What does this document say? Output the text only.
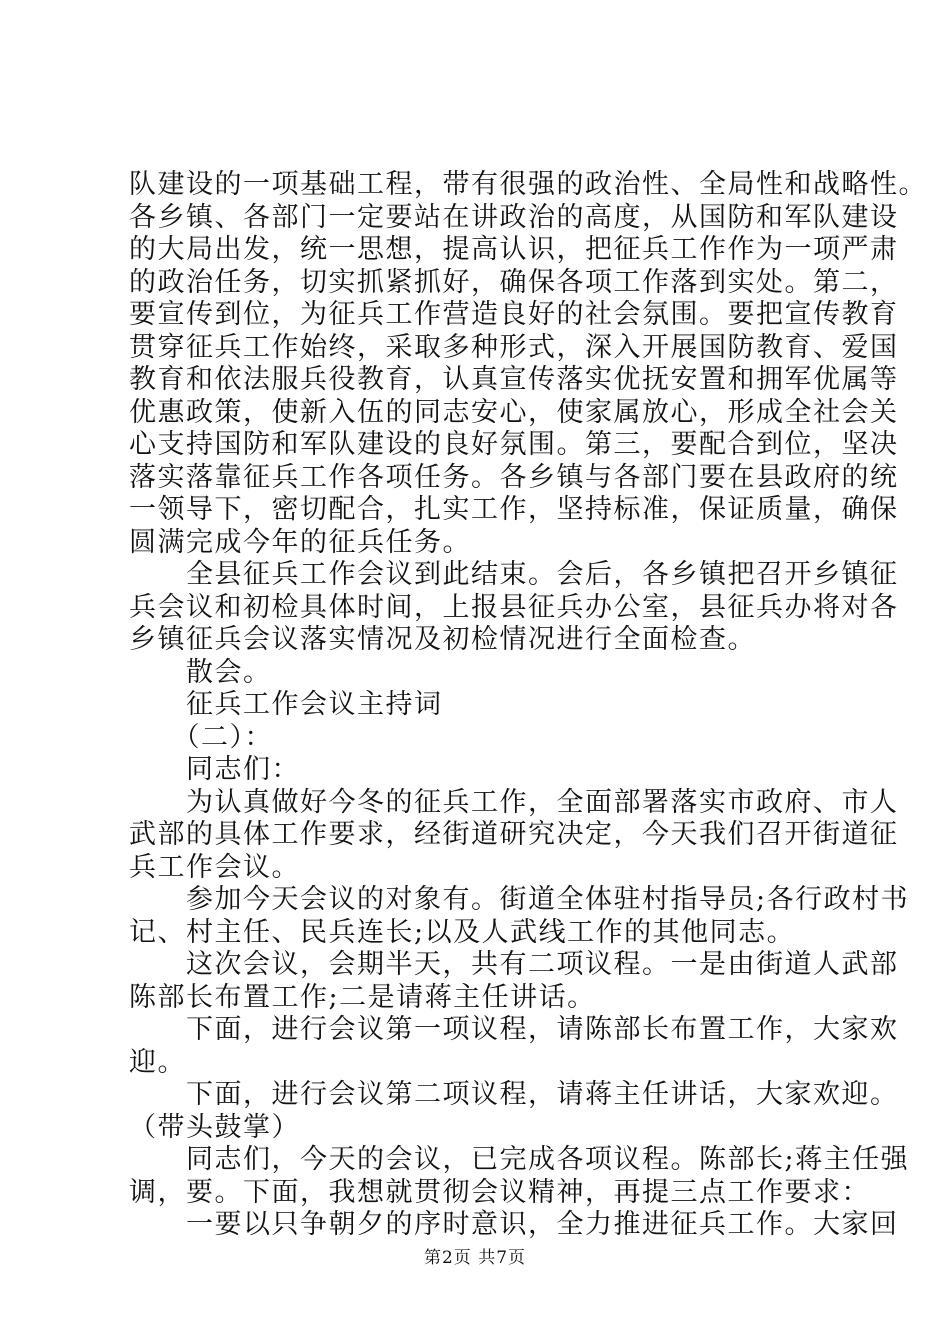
队建设的一项基础工程，带有很强的政治性、全局性和战略性。
各乡镇、各部门一定要站在讲政治的高度，从国防和军队建设
的大局出发，统一思想，提高认识，把征兵工作作为一项严肃
的政治任务，切实抓紧抓好，确保各项工作落到实处。第二，
要宣传到位，为征兵工作营造良好的社会氛围。要把宣传教育
贯穿征兵工作始终，采取多种形式，深入开展国防教育、爱国
教育和依法服兵役教育，认真宣传落实优抚安置和拥军优属等
优惠政策，使新入伍的同志安心，使家属放心，形成全社会关
心支持国防和军队建设的良好氛围。第三，要配合到位，坚决
落实落靠征兵工作各项任务。各乡镇与各部门要在县政府的统
一领导下，密切配合，扎实工作，坚持标准，保证质量，确保
圆满完成今年的征兵任务。
　　全县征兵工作会议到此结束。会后，各乡镇把召开乡镇征
兵会议和初检具体时间，上报县征兵办公室，县征兵办将对各
乡镇征兵会议落实情况及初检情况进行全面检查。
　　散会。
　　征兵工作会议主持词
　　（二）：
　　同志们：
　　为认真做好今冬的征兵工作，全面部署落实市政府、市人
武部的具体工作要求，经街道研究决定，今天我们召开街道征
兵工作会议。
　　参加今天会议的对象有。街道全体驻村指导员;各行政村书
记、村主任、民兵连长;以及人武线工作的其他同志。
　　这次会议，会期半天，共有二项议程。一是由街道人武部
陈部长布置工作;二是请蒋主任讲话。
　　下面，进行会议第一项议程，请陈部长布置工作，大家欢
迎。
　　下面，进行会议第二项议程，请蒋主任讲话，大家欢迎。
（带头鼓掌）
　　同志们，今天的会议，已完成各项议程。陈部长;蒋主任强
调，要。下面，我想就贯彻会议精神，再提三点工作要求：
　　一要以只争朝夕的序时意识，全力推进征兵工作。大家回
第2页 共7页
